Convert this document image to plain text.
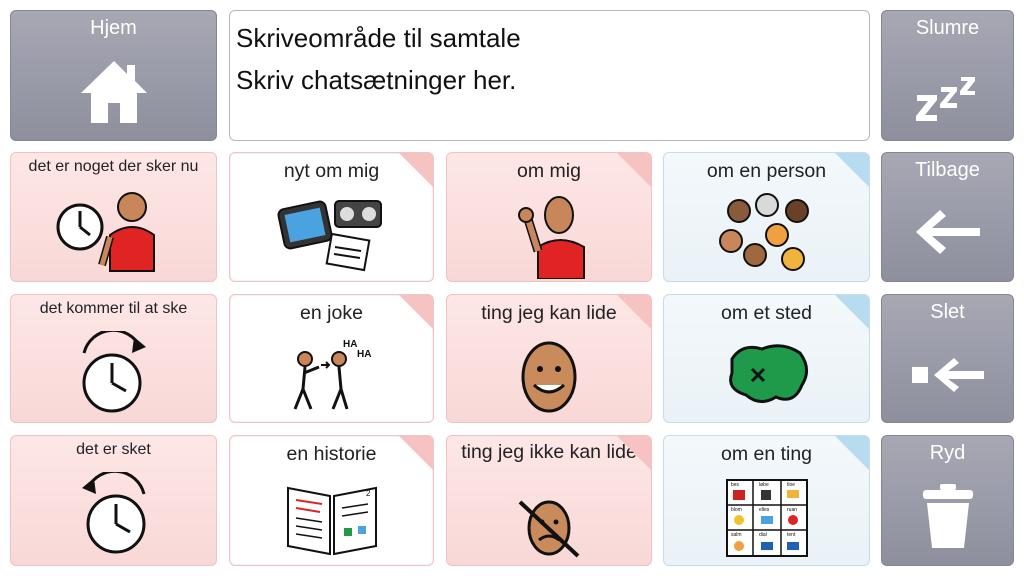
Hjem	Skriveområde til samtale
Skriv chatsætninger her.
Slumre
Tilbage
Slet
Ryd
det er noget der sker nu	nyt om mig	om mig	om en person
det kommer til at ske	en joke
HA
HA
ting jeg kan lide	om et sted
det er sket	en historie
2
ting jeg ikke kan lide	om en ting
bes	løbe	tloe
blom	elles	ruan
salm	dial	tent
